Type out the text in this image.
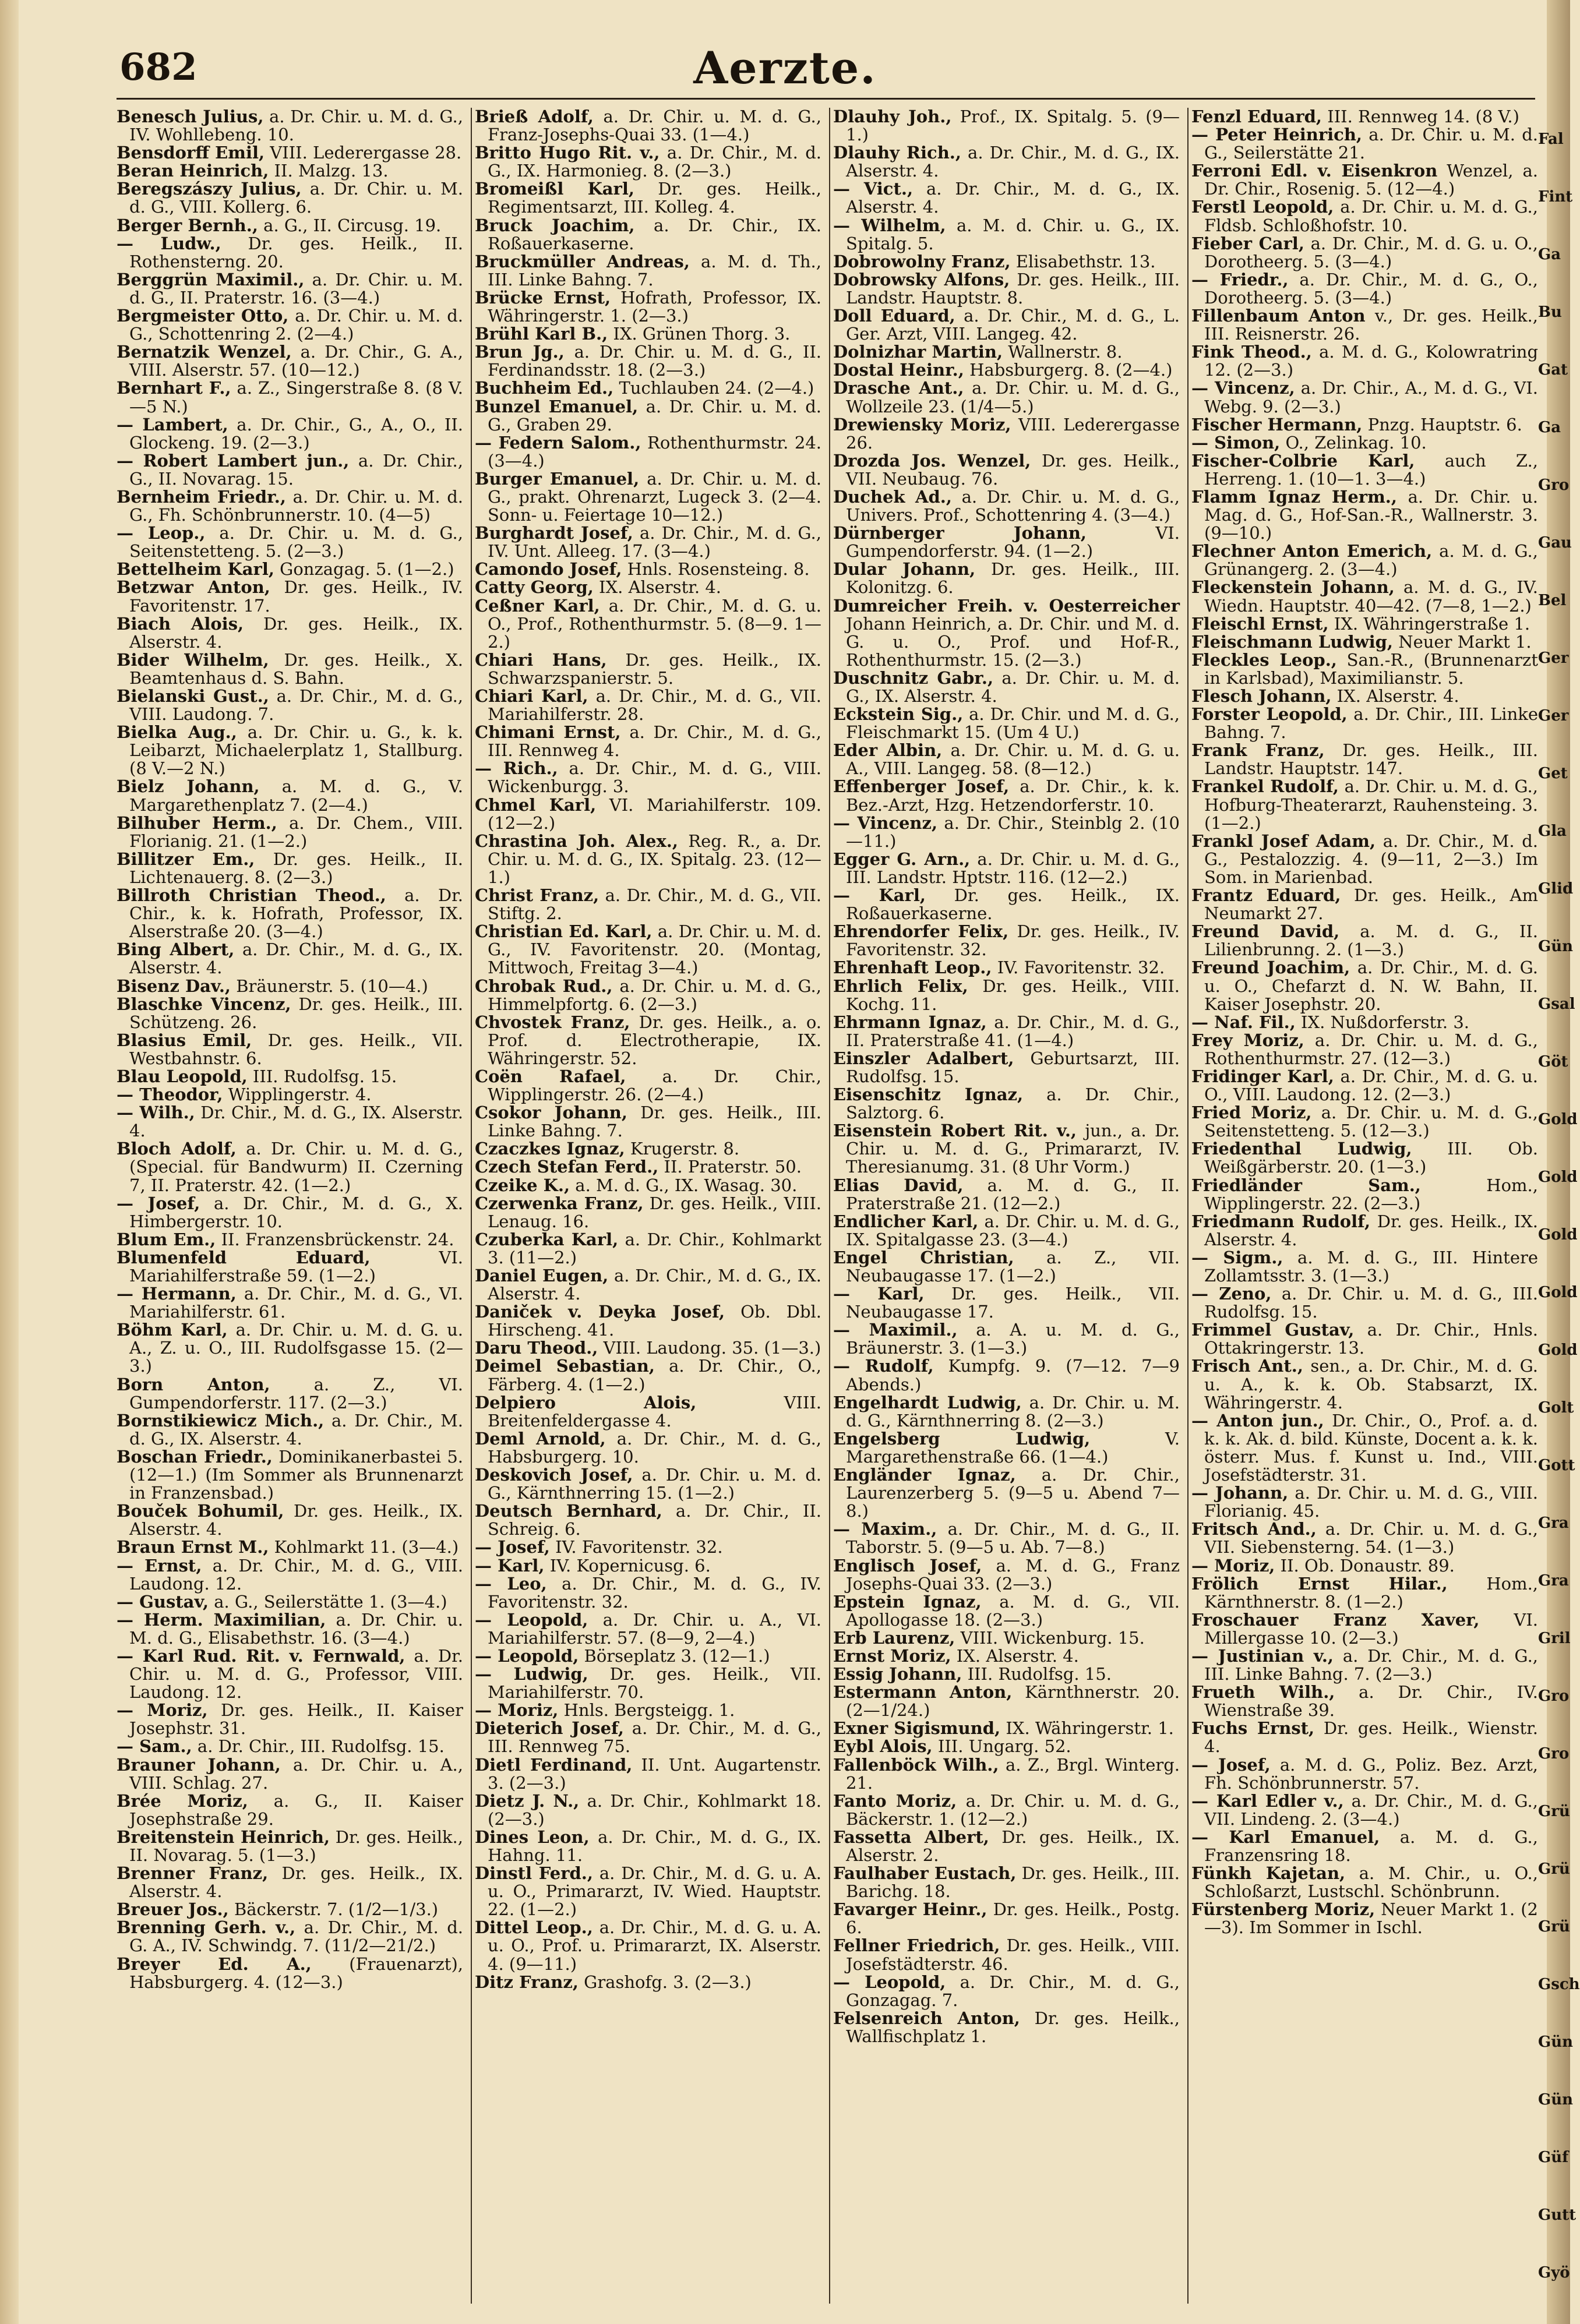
682	Aerzte.

Benesch Julius, a. Dr. Chir. u. M. d. G., IV. Wohllebeng. 10.

Bensdorff Emil, VIII. Lederergasse 28.

Beran Heinrich, II. Malzg. 13.

Beregszászy Julius, a. Dr. Chir. u. M. d. G., VIII. Kollerg. 6.

Berger Bernh., a. G., II. Circusg. 19.

— Ludw., Dr. ges. Heilk., II. Rothensterng. 20.

Berggrün Maximil., a. Dr. Chir. u. M. d. G., II. Praterstr. 16. (3—4.)

Bergmeister Otto, a. Dr. Chir. u. M. d. G., Schottenring 2. (2—4.)

Bernatzik Wenzel, a. Dr. Chir., G. A., VIII. Alserstr. 57. (10—12.)

Bernhart F., a. Z., Singerstraße 8. (8 V.—5 N.)

— Lambert, a. Dr. Chir., G., A., O., II. Glockeng. 19. (2—3.)

— Robert Lambert jun., a. Dr. Chir., G., II. Novarag. 15.

Bernheim Friedr., a. Dr. Chir. u. M. d. G., Fh. Schönbrunnerstr. 10. (4—5)

— Leop., a. Dr. Chir. u. M. d. G., Seitenstetteng. 5. (2—3.)

Bettelheim Karl, Gonzagag. 5. (1—2.)

Betzwar Anton, Dr. ges. Heilk., IV. Favoritenstr. 17.

Biach Alois, Dr. ges. Heilk., IX. Alserstr. 4.

Bider Wilhelm, Dr. ges. Heilk., X. Beamtenhaus d. S. Bahn.

Bielanski Gust., a. Dr. Chir., M. d. G., VIII. Laudong. 7.

Bielka Aug., a. Dr. Chir. u. G., k. k. Leibarzt, Michaelerplatz 1, Stallburg. (8 V.—2 N.)

Bielz Johann, a. M. d. G., V. Margarethenplatz 7. (2—4.)

Bilhuber Herm., a. Dr. Chem., VIII. Florianig. 21. (1—2.)

Billitzer Em., Dr. ges. Heilk., II. Lichtenauerg. 8. (2—3.)

Billroth Christian Theod., a. Dr. Chir., k. k. Hofrath, Professor, IX. Alserstraße 20. (3—4.)

Bing Albert, a. Dr. Chir., M. d. G., IX. Alserstr. 4.

Bisenz Dav., Bräunerstr. 5. (10—4.)

Blaschke Vincenz, Dr. ges. Heilk., III. Schützeng. 26.

Blasius Emil, Dr. ges. Heilk., VII. Westbahnstr. 6.

Blau Leopold, III. Rudolfsg. 15.

— Theodor, Wipplingerstr. 4.

— Wilh., Dr. Chir., M. d. G., IX. Alserstr. 4.

Bloch Adolf, a. Dr. Chir. u. M. d. G., (Special. für Bandwurm) II. Czerning 7, II. Praterstr. 42. (1—2.)

— Josef, a. Dr. Chir., M. d. G., X. Himbergerstr. 10.

Blum Em., II. Franzensbrückenstr. 24.

Blumenfeld Eduard, VI. Mariahilferstraße 59. (1—2.)

— Hermann, a. Dr. Chir., M. d. G., VI. Mariahilferstr. 61.

Böhm Karl, a. Dr. Chir. u. M. d. G. u. A., Z. u. O., III. Rudolfsgasse 15. (2—3.)

Born Anton, a. Z., VI. Gumpendorferstr. 117. (2—3.)

Bornstikiewicz Mich., a. Dr. Chir., M. d. G., IX. Alserstr. 4.

Boschan Friedr., Dominikanerbastei 5. (12—1.) (Im Sommer als Brunnenarzt in Franzensbad.)

Bouček Bohumil, Dr. ges. Heilk., IX. Alserstr. 4.

Braun Ernst M., Kohlmarkt 11. (3—4.)

— Ernst, a. Dr. Chir., M. d. G., VIII. Laudong. 12.

— Gustav, a. G., Seilerstätte 1. (3—4.)

— Herm. Maximilian, a. Dr. Chir. u. M. d. G., Elisabethstr. 16. (3—4.)

— Karl Rud. Rit. v. Fernwald, a. Dr. Chir. u. M. d. G., Professor, VIII. Laudong. 12.

— Moriz, Dr. ges. Heilk., II. Kaiser Josephstr. 31.

— Sam., a. Dr. Chir., III. Rudolfsg. 15.

Brauner Johann, a. Dr. Chir. u. A., VIII. Schlag. 27.

Brée Moriz, a. G., II. Kaiser Josephstraße 29.

Breitenstein Heinrich, Dr. ges. Heilk., II. Novarag. 5. (1—3.)

Brenner Franz, Dr. ges. Heilk., IX. Alserstr. 4.

Breuer Jos., Bäckerstr. 7. (1/2—1/3.)

Brenning Gerh. v., a. Dr. Chir., M. d. G. A., IV. Schwindg. 7. (11/2—21/2.)

Breyer Ed. A., (Frauenarzt), Habsburgerg. 4. (12—3.)

Brieß Adolf, a. Dr. Chir. u. M. d. G., Franz-Josephs-Quai 33. (1—4.)

Britto Hugo Rit. v., a. Dr. Chir., M. d. G., IX. Harmonieg. 8. (2—3.)

Bromeißl Karl, Dr. ges. Heilk., Regimentsarzt, III. Kolleg. 4.

Bruck Joachim, a. Dr. Chir., IX. Roßauerkaserne.

Bruckmüller Andreas, a. M. d. Th., III. Linke Bahng. 7.

Brücke Ernst, Hofrath, Professor, IX. Währingerstr. 1. (2—3.)

Brühl Karl B., IX. Grünen Thorg. 3.

Brun Jg., a. Dr. Chir. u. M. d. G., II. Ferdinandsstr. 18. (2—3.)

Buchheim Ed., Tuchlauben 24. (2—4.)

Bunzel Emanuel, a. Dr. Chir. u. M. d. G., Graben 29.

— Federn Salom., Rothenthurmstr. 24. (3—4.)

Burger Emanuel, a. Dr. Chir. u. M. d. G., prakt. Ohrenarzt, Lugeck 3. (2—4. Sonn- u. Feiertage 10—12.)

Burghardt Josef, a. Dr. Chir., M. d. G., IV. Unt. Alleeg. 17. (3—4.)

Camondo Josef, Hnls. Rosensteing. 8.

Catty Georg, IX. Alserstr. 4.

Ceßner Karl, a. Dr. Chir., M. d. G. u. O., Prof., Rothenthurmstr. 5. (8—9. 1—2.)

Chiari Hans, Dr. ges. Heilk., IX. Schwarzspanierstr. 5.

Chiari Karl, a. Dr. Chir., M. d. G., VII. Mariahilferstr. 28.

Chimani Ernst, a. Dr. Chir., M. d. G., III. Rennweg 4.

— Rich., a. Dr. Chir., M. d. G., VIII. Wickenburgg. 3.

Chmel Karl, VI. Mariahilferstr. 109. (12—2.)

Chrastina Joh. Alex., Reg. R., a. Dr. Chir. u. M. d. G., IX. Spitalg. 23. (12—1.)

Christ Franz, a. Dr. Chir., M. d. G., VII. Stiftg. 2.

Christian Ed. Karl, a. Dr. Chir. u. M. d. G., IV. Favoritenstr. 20. (Montag, Mittwoch, Freitag 3—4.)

Chrobak Rud., a. Dr. Chir. u. M. d. G., Himmelpfortg. 6. (2—3.)

Chvostek Franz, Dr. ges. Heilk., a. o. Prof. d. Electrotherapie, IX. Währingerstr. 52.

Coën Rafael, a. Dr. Chir., Wipplingerstr. 26. (2—4.)

Csokor Johann, Dr. ges. Heilk., III. Linke Bahng. 7.

Czaczkes Ignaz, Krugerstr. 8.

Czech Stefan Ferd., II. Praterstr. 50.

Czeike K., a. M. d. G., IX. Wasag. 30.

Czerwenka Franz, Dr. ges. Heilk., VIII. Lenaug. 16.

Czuberka Karl, a. Dr. Chir., Kohlmarkt 3. (11—2.)

Daniel Eugen, a. Dr. Chir., M. d. G., IX. Alserstr. 4.

Daniček v. Deyka Josef, Ob. Dbl. Hirscheng. 41.

Daru Theod., VIII. Laudong. 35. (1—3.)

Deimel Sebastian, a. Dr. Chir., O., Färberg. 4. (1—2.)

Delpiero Alois, VIII. Breitenfeldergasse 4.

Deml Arnold, a. Dr. Chir., M. d. G., Habsburgerg. 10.

Deskovich Josef, a. Dr. Chir. u. M. d. G., Kärnthnerring 15. (1—2.)

Deutsch Bernhard, a. Dr. Chir., II. Schreig. 6.

— Josef, IV. Favoritenstr. 32.

— Karl, IV. Kopernicusg. 6.

— Leo, a. Dr. Chir., M. d. G., IV. Favoritenstr. 32.

— Leopold, a. Dr. Chir. u. A., VI. Mariahilferstr. 57. (8—9, 2—4.)

— Leopold, Börseplatz 3. (12—1.)

— Ludwig, Dr. ges. Heilk., VII. Mariahilferstr. 70.

— Moriz, Hnls. Bergsteigg. 1.

Dieterich Josef, a. Dr. Chir., M. d. G., III. Rennweg 75.

Dietl Ferdinand, II. Unt. Augartenstr. 3. (2—3.)

Dietz J. N., a. Dr. Chir., Kohlmarkt 18. (2—3.)

Dines Leon, a. Dr. Chir., M. d. G., IX. Hahng. 11.

Dinstl Ferd., a. Dr. Chir., M. d. G. u. A. u. O., Primararzt, IV. Wied. Hauptstr. 22. (1—2.)

Dittel Leop., a. Dr. Chir., M. d. G. u. A. u. O., Prof. u. Primararzt, IX. Alserstr. 4. (9—11.)

Ditz Franz, Grashofg. 3. (2—3.)

Dlauhy Joh., Prof., IX. Spitalg. 5. (9—1.)

Dlauhy Rich., a. Dr. Chir., M. d. G., IX. Alserstr. 4.

— Vict., a. Dr. Chir., M. d. G., IX. Alserstr. 4.

— Wilhelm, a. M. d. Chir. u. G., IX. Spitalg. 5.

Dobrowolny Franz, Elisabethstr. 13.

Dobrowsky Alfons, Dr. ges. Heilk., III. Landstr. Hauptstr. 8.

Doll Eduard, a. Dr. Chir., M. d. G., L. Ger. Arzt, VIII. Langeg. 42.

Dolnizhar Martin, Wallnerstr. 8.

Dostal Heinr., Habsburgerg. 8. (2—4.)

Drasche Ant., a. Dr. Chir. u. M. d. G., Wollzeile 23. (1/4—5.)

Drewiensky Moriz, VIII. Lederergasse 26.

Drozda Jos. Wenzel, Dr. ges. Heilk., VII. Neubaug. 76.

Duchek Ad., a. Dr. Chir. u. M. d. G., Univers. Prof., Schottenring 4. (3—4.)

Dürnberger Johann, VI. Gumpendorferstr. 94. (1—2.)

Dular Johann, Dr. ges. Heilk., III. Kolonitzg. 6.

Dumreicher Freih. v. Oesterreicher Johann Heinrich, a. Dr. Chir. und M. d. G. u. O., Prof. und Hof-R., Rothenthurmstr. 15. (2—3.)

Duschnitz Gabr., a. Dr. Chir. u. M. d. G., IX. Alserstr. 4.

Eckstein Sig., a. Dr. Chir. und M. d. G., Fleischmarkt 15. (Um 4 U.)

Eder Albin, a. Dr. Chir. u. M. d. G. u. A., VIII. Langeg. 58. (8—12.)

Effenberger Josef, a. Dr. Chir., k. k. Bez.-Arzt, Hzg. Hetzendorferstr. 10.

— Vincenz, a. Dr. Chir., Steinblg 2. (10—11.)

Egger G. Arn., a. Dr. Chir. u. M. d. G., III. Landstr. Hptstr. 116. (12—2.)

— Karl, Dr. ges. Heilk., IX. Roßauerkaserne.

Ehrendorfer Felix, Dr. ges. Heilk., IV. Favoritenstr. 32.

Ehrenhaft Leop., IV. Favoritenstr. 32.

Ehrlich Felix, Dr. ges. Heilk., VIII. Kochg. 11.

Ehrmann Ignaz, a. Dr. Chir., M. d. G., II. Praterstraße 41. (1—4.)

Einszler Adalbert, Geburtsarzt, III. Rudolfsg. 15.

Eisenschitz Ignaz, a. Dr. Chir., Salztorg. 6.

Eisenstein Robert Rit. v., jun., a. Dr. Chir. u. M. d. G., Primararzt, IV. Theresianumg. 31. (8 Uhr Vorm.)

Elias David, a. M. d. G., II. Praterstraße 21. (12—2.)

Endlicher Karl, a. Dr. Chir. u. M. d. G., IX. Spitalgasse 23. (3—4.)

Engel Christian, a. Z., VII. Neubaugasse 17. (1—2.)

— Karl, Dr. ges. Heilk., VII. Neubaugasse 17.

— Maximil., a. A. u. M. d. G., Bräunerstr. 3. (1—3.)

— Rudolf, Kumpfg. 9. (7—12. 7—9 Abends.)

Engelhardt Ludwig, a. Dr. Chir. u. M. d. G., Kärnthnerring 8. (2—3.)

Engelsberg Ludwig, V. Margarethenstraße 66. (1—4.)

Engländer Ignaz, a. Dr. Chir., Laurenzerberg 5. (9—5 u. Abend 7—8.)

— Maxim., a. Dr. Chir., M. d. G., II. Taborstr. 5. (9—5 u. Ab. 7—8.)

Englisch Josef, a. M. d. G., Franz Josephs-Quai 33. (2—3.)

Epstein Ignaz, a. M. d. G., VII. Apollogasse 18. (2—3.)

Erb Laurenz, VIII. Wickenburg. 15.

Ernst Moriz, IX. Alserstr. 4.

Essig Johann, III. Rudolfsg. 15.

Estermann Anton, Kärnthnerstr. 20. (2—1/24.)

Exner Sigismund, IX. Währingerstr. 1.

Eybl Alois, III. Ungarg. 52.

Fallenböck Wilh., a. Z., Brgl. Winterg. 21.

Fanto Moriz, a. Dr. Chir. u. M. d. G., Bäckerstr. 1. (12—2.)

Fassetta Albert, Dr. ges. Heilk., IX. Alserstr. 2.

Faulhaber Eustach, Dr. ges. Heilk., III. Barichg. 18.

Favarger Heinr., Dr. ges. Heilk., Postg. 6.

Fellner Friedrich, Dr. ges. Heilk., VIII. Josefstädterstr. 46.

— Leopold, a. Dr. Chir., M. d. G., Gonzagag. 7.

Felsenreich Anton, Dr. ges. Heilk., Wallfischplatz 1.

Fenzl Eduard, III. Rennweg 14. (8 V.)

— Peter Heinrich, a. Dr. Chir. u. M. d. G., Seilerstätte 21.

Ferroni Edl. v. Eisenkron Wenzel, a. Dr. Chir., Rosenig. 5. (12—4.)

Ferstl Leopold, a. Dr. Chir. u. M. d. G., Fldsb. Schloßhofstr. 10.

Fieber Carl, a. Dr. Chir., M. d. G. u. O., Dorotheerg. 5. (3—4.)

— Friedr., a. Dr. Chir., M. d. G., O., Dorotheerg. 5. (3—4.)

Fillenbaum Anton v., Dr. ges. Heilk., III. Reisnerstr. 26.

Fink Theod., a. M. d. G., Kolowratring 12. (2—3.)

— Vincenz, a. Dr. Chir., A., M. d. G., VI. Webg. 9. (2—3.)

Fischer Hermann, Pnzg. Hauptstr. 6.

— Simon, O., Zelinkag. 10.

Fischer-Colbrie Karl, auch Z., Herreng. 1. (10—1. 3—4.)

Flamm Ignaz Herm., a. Dr. Chir. u. Mag. d. G., Hof-San.-R., Wallnerstr. 3. (9—10.)

Flechner Anton Emerich, a. M. d. G., Grünangerg. 2. (3—4.)

Fleckenstein Johann, a. M. d. G., IV. Wiedn. Hauptstr. 40—42. (7—8, 1—2.)

Fleischl Ernst, IX. Währingerstraße 1.

Fleischmann Ludwig, Neuer Markt 1.

Fleckles Leop., San.-R., (Brunnenarzt in Karlsbad), Maximilianstr. 5.

Flesch Johann, IX. Alserstr. 4.

Forster Leopold, a. Dr. Chir., III. Linke Bahng. 7.

Frank Franz, Dr. ges. Heilk., III. Landstr. Hauptstr. 147.

Frankel Rudolf, a. Dr. Chir. u. M. d. G., Hofburg-Theaterarzt, Rauhensteing. 3. (1—2.)

Frankl Josef Adam, a. Dr. Chir., M. d. G., Pestalozzig. 4. (9—11, 2—3.) Im Som. in Marienbad.

Frantz Eduard, Dr. ges. Heilk., Am Neumarkt 27.

Freund David, a. M. d. G., II. Lilienbrunng. 2. (1—3.)

Freund Joachim, a. Dr. Chir., M. d. G. u. O., Chefarzt d. N. W. Bahn, II. Kaiser Josephstr. 20.

— Naf. Fil., IX. Nußdorferstr. 3.

Frey Moriz, a. Dr. Chir. u. M. d. G., Rothenthurmstr. 27. (12—3.)

Fridinger Karl, a. Dr. Chir., M. d. G. u. O., VIII. Laudong. 12. (2—3.)

Fried Moriz, a. Dr. Chir. u. M. d. G., Seitenstetteng. 5. (12—3.)

Friedenthal Ludwig, III. Ob. Weißgärberstr. 20. (1—3.)

Friedländer Sam., Hom., Wipplingerstr. 22. (2—3.)

Friedmann Rudolf, Dr. ges. Heilk., IX. Alserstr. 4.

— Sigm., a. M. d. G., III. Hintere Zollamtsstr. 3. (1—3.)

— Zeno, a. Dr. Chir. u. M. d. G., III. Rudolfsg. 15.

Frimmel Gustav, a. Dr. Chir., Hnls. Ottakringerstr. 13.

Frisch Ant., sen., a. Dr. Chir., M. d. G. u. A., k. k. Ob. Stabsarzt, IX. Währingerstr. 4.

— Anton jun., Dr. Chir., O., Prof. a. d. k. k. Ak. d. bild. Künste, Docent a. k. k. österr. Mus. f. Kunst u. Ind., VIII. Josefstädterstr. 31.

— Johann, a. Dr. Chir. u. M. d. G., VIII. Florianig. 45.

Fritsch And., a. Dr. Chir. u. M. d. G., VII. Siebensterng. 54. (1—3.)

— Moriz, II. Ob. Donaustr. 89.

Frölich Ernst Hilar., Hom., Kärnthnerstr. 8. (1—2.)

Froschauer Franz Xaver, VI. Millergasse 10. (2—3.)

— Justinian v., a. Dr. Chir., M. d. G., III. Linke Bahng. 7. (2—3.)

Frueth Wilh., a. Dr. Chir., IV. Wienstraße 39.

Fuchs Ernst, Dr. ges. Heilk., Wienstr. 4.

— Josef, a. M. d. G., Poliz. Bez. Arzt, Fh. Schönbrunnerstr. 57.

— Karl Edler v., a. Dr. Chir., M. d. G., VII. Lindeng. 2. (3—4.)

— Karl Emanuel, a. M. d. G., Franzensring 18.

Fünkh Kajetan, a. M. Chir., u. O., Schloßarzt, Lustschl. Schönbrunn.

Fürstenberg Moriz, Neuer Markt 1. (2—3). Im Sommer in Ischl.

Fal
Fint
Ga
Bu
Gat
Ga
Gro
Gau
Bel
Ger
Ger
Get
Gla
Glid
Gün
Gsal
Göt
Gold
Gold
Gold
Gold
Gold
Golt
Gott
Gra
Gra
Gril
Gro
Gro
Grü
Grü
Grü
Gsch
Gün
Gün
Güf
Gutt
Gyö
